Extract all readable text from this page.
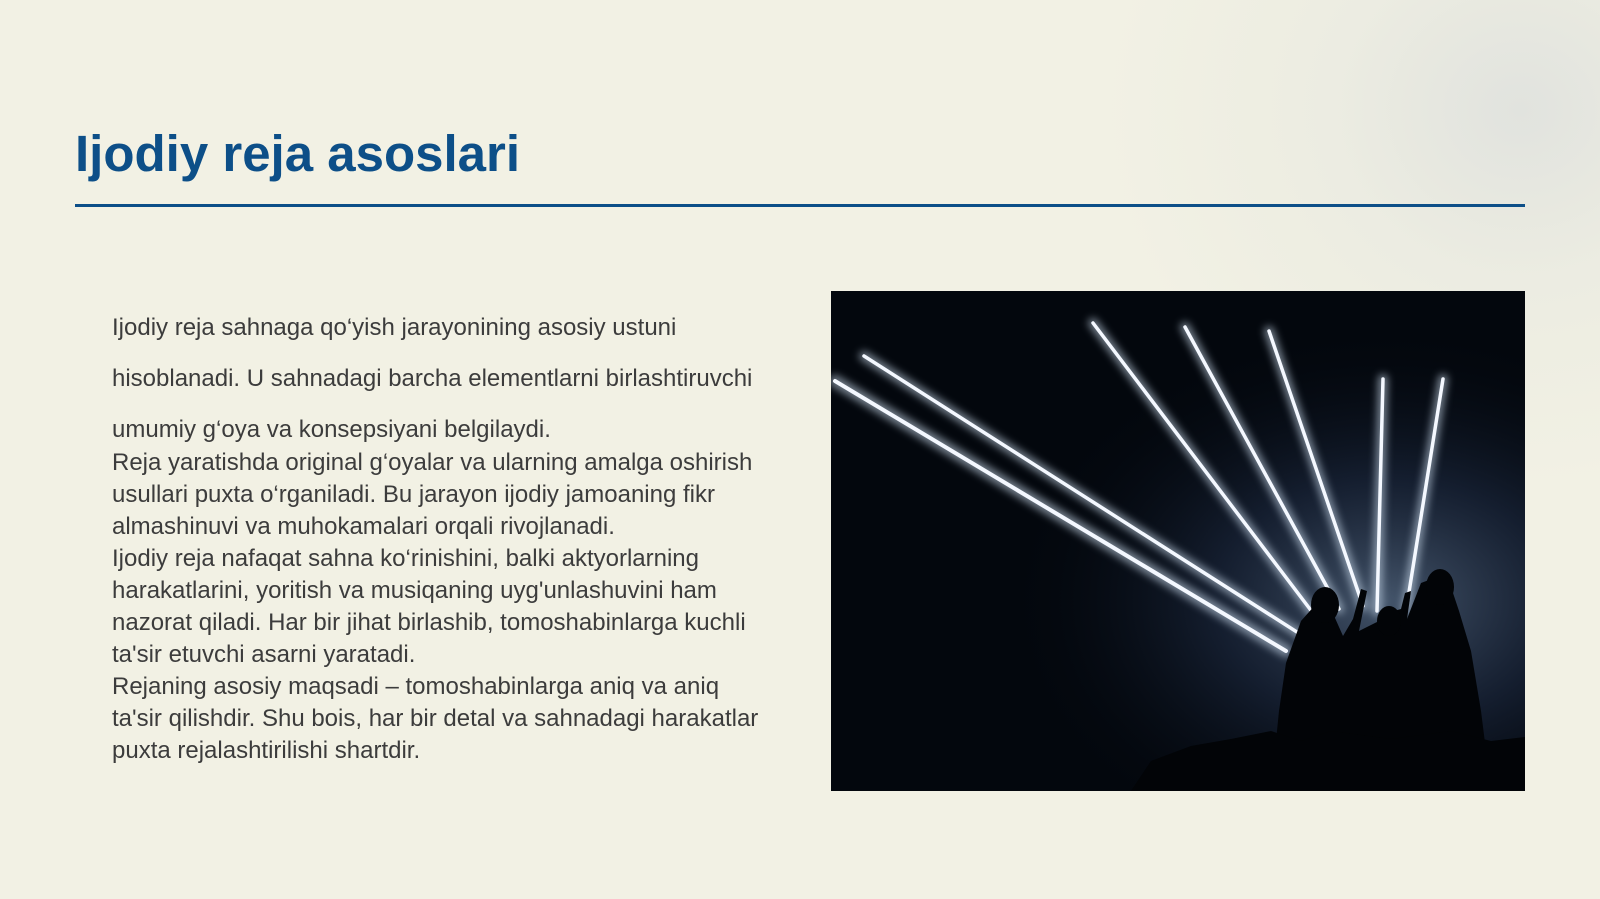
Ijodiy reja asoslari

Ijodiy reja sahnaga qo‘yish jarayonining asosiy ustuni hisoblanadi. U sahnadagi barcha elementlarni birlashtiruvchi umumiy g‘oya va konsepsiyani belgilaydi.

Reja yaratishda original g‘oyalar va ularning amalga oshirish usullari puxta o‘rganiladi. Bu jarayon ijodiy jamoaning fikr almashinuvi va muhokamalari orqali rivojlanadi.

Ijodiy reja nafaqat sahna ko‘rinishini, balki aktyorlarning harakatlarini, yoritish va musiqaning uyg'unlashuvini ham nazorat qiladi. Har bir jihat birlashib, tomoshabinlarga kuchli ta'sir etuvchi asarni yaratadi.

Rejaning asosiy maqsadi – tomoshabinlarga aniq va aniq ta'sir qilishdir. Shu bois, har bir detal va sahnadagi harakatlar puxta rejalashtirilishi shartdir.
